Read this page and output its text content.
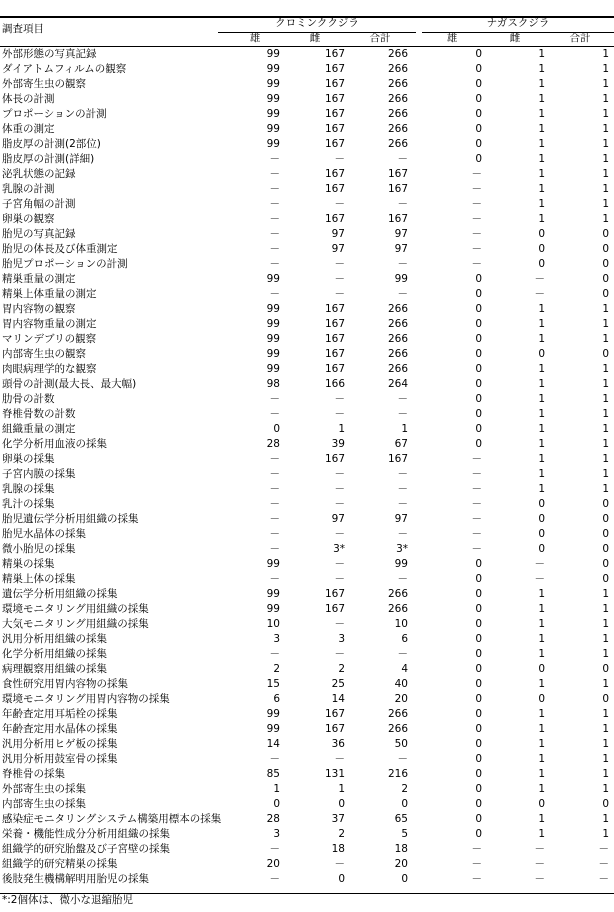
調査項目	クロミンククジラ	ナガスクジラ
雄	雌	合計	雄	雌	合計
外部形態の写真記録	99	167	266	0	1	1
ダイアトムフィルムの観察	99	167	266	0	1	1
外部寄生虫の観察	99	167	266	0	1	1
体長の計測	99	167	266	0	1	1
プロポーションの計測	99	167	266	0	1	1
体重の測定	99	167	266	0	1	1
脂皮厚の計測(2部位)	99	167	266	0	1	1
脂皮厚の計測(詳細)	－	－	－	0	1	1
泌乳状態の記録	－	167	167	－	1	1
乳腺の計測	－	167	167	－	1	1
子宮角幅の計測	－	－	－	－	1	1
卵巣の観察	－	167	167	－	1	1
胎児の写真記録	－	97	97	－	0	0
胎児の体長及び体重測定	－	97	97	－	0	0
胎児プロポーションの計測	－	－	－	－	0	0
精巣重量の測定	99	－	99	0	－	0
精巣上体重量の測定	－	－	－	0	－	0
胃内容物の観察	99	167	266	0	1	1
胃内容物重量の測定	99	167	266	0	1	1
マリンデブリの観察	99	167	266	0	1	1
内部寄生虫の観察	99	167	266	0	0	0
肉眼病理学的な観察	99	167	266	0	1	1
頭骨の計測(最大長、最大幅)	98	166	264	0	1	1
肋骨の計数	－	－	－	0	1	1
脊椎骨数の計数	－	－	－	0	1	1
組織重量の測定	0	1	1	0	1	1
化学分析用血液の採集	28	39	67	0	1	1
卵巣の採集	－	167	167	－	1	1
子宮内膜の採集	－	－	－	－	1	1
乳腺の採集	－	－	－	－	1	1
乳汁の採集	－	－	－	－	0	0
胎児遺伝学分析用組織の採集	－	97	97	－	0	0
胎児水晶体の採集	－	－	－	－	0	0
微小胎児の採集	－	3*	3*	－	0	0
精巣の採集	99	－	99	0	－	0
精巣上体の採集	－	－	－	0	－	0
遺伝学分析用組織の採集	99	167	266	0	1	1
環境モニタリング用組織の採集	99	167	266	0	1	1
大気モニタリング用組織の採集	10	－	10	0	1	1
汎用分析用組織の採集	3	3	6	0	1	1
化学分析用組織の採集	－	－	－	0	1	1
病理観察用組織の採集	2	2	4	0	0	0
食性研究用胃内容物の採集	15	25	40	0	1	1
環境モニタリング用胃内容物の採集	6	14	20	0	0	0
年齢査定用耳垢栓の採集	99	167	266	0	1	1
年齢査定用水晶体の採集	99	167	266	0	1	1
汎用分析用ヒゲ板の採集	14	36	50	0	1	1
汎用分析用鼓室骨の採集	－	－	－	0	1	1
脊椎骨の採集	85	131	216	0	1	1
外部寄生虫の採集	1	1	2	0	1	1
内部寄生虫の採集	0	0	0	0	0	0
感染症モニタリングシステム構築用標本の採集	28	37	65	0	1	1
栄養・機能性成分分析用組織の採集	3	2	5	0	1	1
組織学的研究胎盤及び子宮壁の採集	－	18	18	－	－	－
組織学的研究精巣の採集	20	－	20	－	－	－
後肢発生機構解明用胎児の採集	－	0	0	－	－	－
*:2個体は、微小な退縮胎児
